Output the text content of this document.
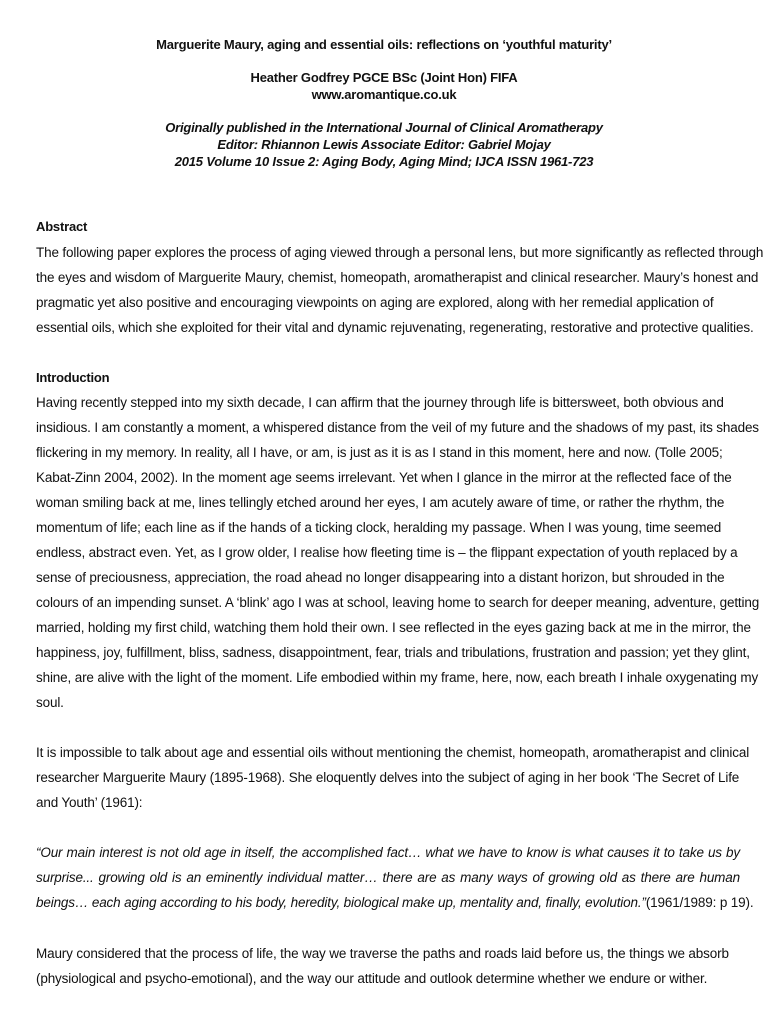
Marguerite Maury, aging and essential oils: reflections on ‘youthful maturity’
Heather Godfrey PGCE BSc (Joint Hon) FIFA
www.aromantique.co.uk
Originally published in the International Journal of Clinical Aromatherapy
Editor: Rhiannon Lewis Associate Editor: Gabriel Mojay
2015 Volume 10 Issue 2: Aging Body, Aging Mind; IJCA ISSN 1961-723
Abstract
The following paper explores the process of aging viewed through a personal lens, but more significantly as reflected through
the eyes and wisdom of Marguerite Maury, chemist, homeopath, aromatherapist and clinical researcher. Maury’s honest and
pragmatic yet also positive and encouraging viewpoints on aging are explored, along with her remedial application of
essential oils, which she exploited for their vital and dynamic rejuvenating, regenerating, restorative and protective qualities.
Introduction
Having recently stepped into my sixth decade, I can affirm that the journey through life is bittersweet, both obvious and
insidious. I am constantly a moment, a whispered distance from the veil of my future and the shadows of my past, its shades
flickering in my memory. In reality, all I have, or am, is just as it is as I stand in this moment, here and now. (Tolle 2005;
Kabat-Zinn 2004, 2002). In the moment age seems irrelevant. Yet when I glance in the mirror at the reflected face of the
woman smiling back at me, lines tellingly etched around her eyes, I am acutely aware of time, or rather the rhythm, the
momentum of life; each line as if the hands of a ticking clock, heralding my passage. When I was young, time seemed
endless, abstract even. Yet, as I grow older, I realise how fleeting time is – the flippant expectation of youth replaced by a
sense of preciousness, appreciation, the road ahead no longer disappearing into a distant horizon, but shrouded in the
colours of an impending sunset. A ‘blink’ ago I was at school, leaving home to search for deeper meaning, adventure, getting
married, holding my first child, watching them hold their own. I see reflected in the eyes gazing back at me in the mirror, the
happiness, joy, fulfillment, bliss, sadness, disappointment, fear, trials and tribulations, frustration and passion; yet they glint,
shine, are alive with the light of the moment. Life embodied within my frame, here, now, each breath I inhale oxygenating my
soul.
It is impossible to talk about age and essential oils without mentioning the chemist, homeopath, aromatherapist and clinical
researcher Marguerite Maury (1895-1968). She eloquently delves into the subject of aging in her book ‘The Secret of Life
and Youth’ (1961):
“Our main interest is not old age in itself, the accomplished fact… what we have to know is what causes it to take us by
surprise... growing old is an eminently individual matter… there are as many ways of growing old as there are human
beings… each aging according to his body, heredity, biological make up, mentality and, finally, evolution.”(1961/1989: p 19).
Maury considered that the process of life, the way we traverse the paths and roads laid before us, the things we absorb
(physiological and psycho-emotional), and the way our attitude and outlook determine whether we endure or wither.
